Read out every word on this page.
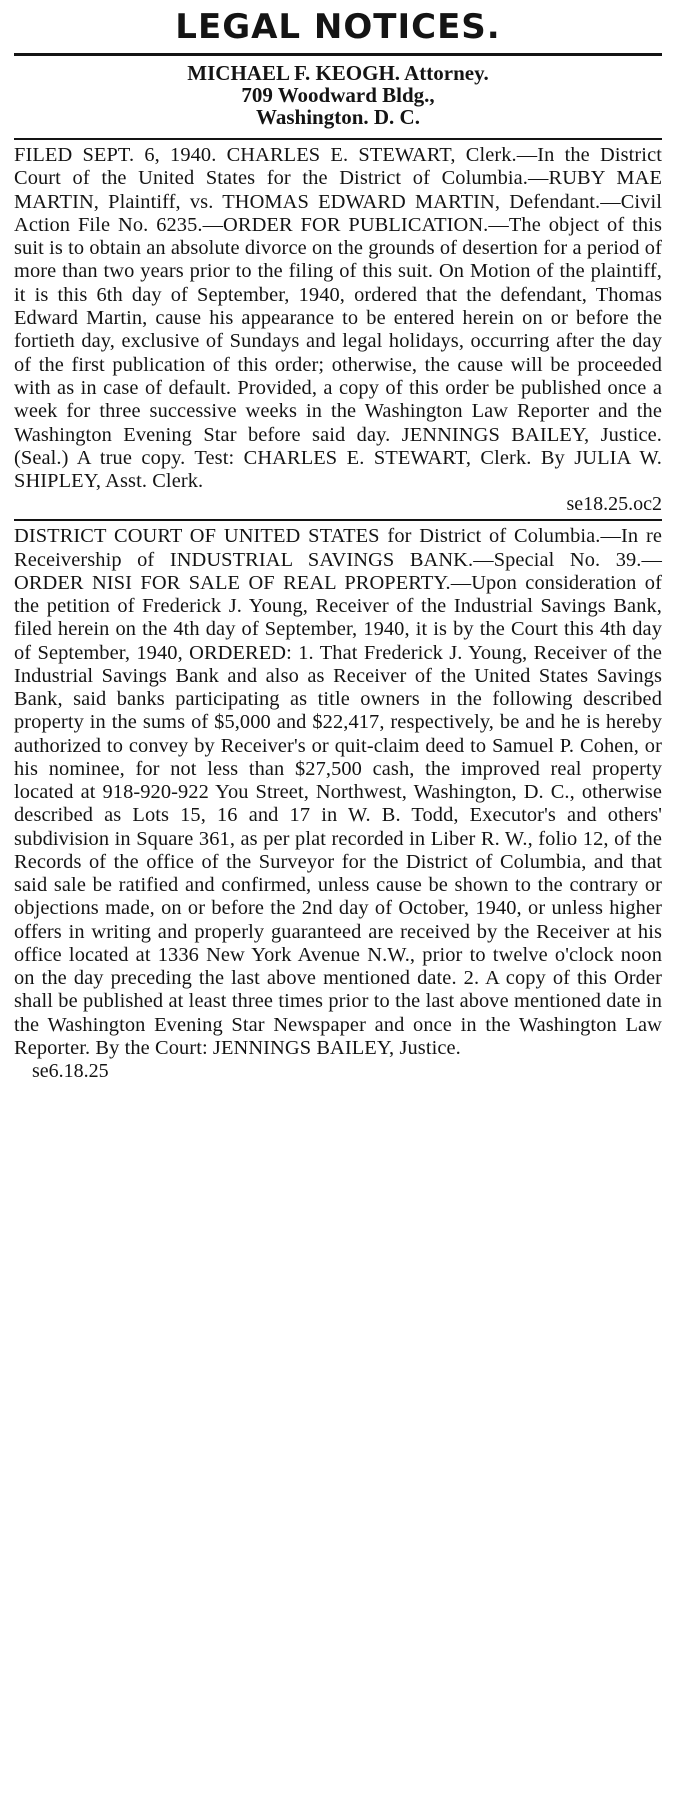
LEGAL NOTICES.
MICHAEL F. KEOGH. Attorney.
709 Woodward Bldg.,
Washington. D. C.

FILED SEPT. 6, 1940. CHARLES E. STEWART, Clerk.—In the District Court of the United States for the District of Columbia.—RUBY MAE MARTIN, Plaintiff, vs. THOMAS EDWARD MARTIN, Defendant.—Civil Action File No. 6235.—ORDER FOR PUBLICATION.—The object of this suit is to obtain an absolute divorce on the grounds of desertion for a period of more than two years prior to the filing of this suit. On Motion of the plaintiff, it is this 6th day of September, 1940, ordered that the defendant, Thomas Edward Martin, cause his appearance to be entered herein on or before the fortieth day, exclusive of Sundays and legal holidays, occurring after the day of the first publication of this order; otherwise, the cause will be proceeded with as in case of default. Provided, a copy of this order be published once a week for three successive weeks in the Washington Law Reporter and the Washington Evening Star before said day. JENNINGS BAILEY, Justice. (Seal.) A true copy. Test: CHARLES E. STEWART, Clerk. By JULIA W. SHIPLEY, Asst. Clerk.

se18.25.oc2

DISTRICT COURT OF UNITED STATES for District of Columbia.—In re Receivership of INDUSTRIAL SAVINGS BANK.—Special No. 39.—ORDER NISI FOR SALE OF REAL PROPERTY.—Upon consideration of the petition of Frederick J. Young, Receiver of the Industrial Savings Bank, filed herein on the 4th day of September, 1940, it is by the Court this 4th day of September, 1940, ORDERED: 1. That Frederick J. Young, Receiver of the Industrial Savings Bank and also as Receiver of the United States Savings Bank, said banks participating as title owners in the following described property in the sums of $5,000 and $22,417, respectively, be and he is hereby authorized to convey by Receiver's or quit-claim deed to Samuel P. Cohen, or his nominee, for not less than $27,500 cash, the improved real property located at 918-920-922 You Street, Northwest, Washington, D. C., otherwise described as Lots 15, 16 and 17 in W. B. Todd, Executor's and others' subdivision in Square 361, as per plat recorded in Liber R. W., folio 12, of the Records of the office of the Surveyor for the District of Columbia, and that said sale be ratified and confirmed, unless cause be shown to the contrary or objections made, on or before the 2nd day of October, 1940, or unless higher offers in writing and properly guaranteed are received by the Receiver at his office located at 1336 New York Avenue N.W., prior to twelve o'clock noon on the day preceding the last above mentioned date. 2. A copy of this Order shall be published at least three times prior to the last above mentioned date in the Washington Evening Star Newspaper and once in the Washington Law Reporter. By the Court: JENNINGS BAILEY, Justice.

se6.18.25
